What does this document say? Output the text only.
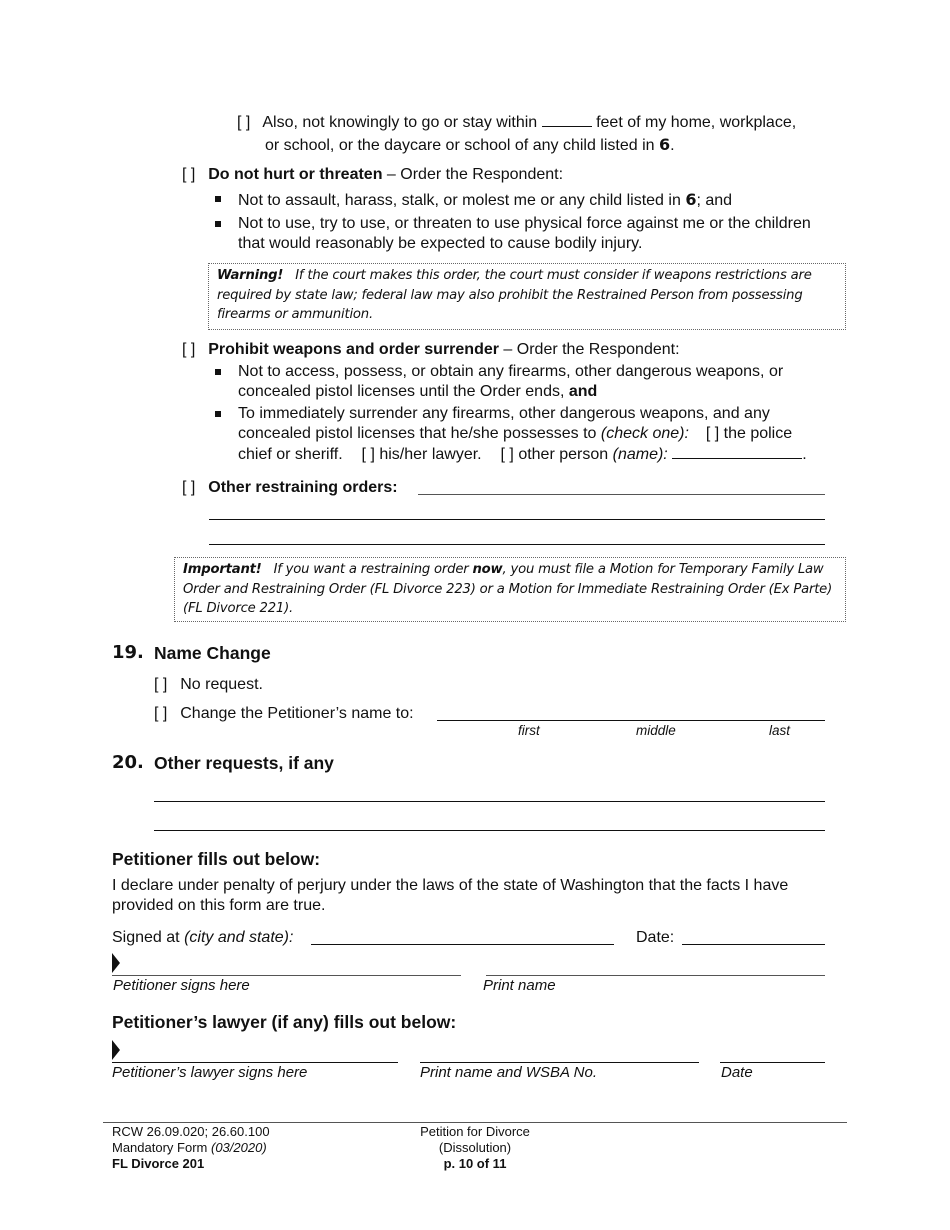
[ ] Also, not knowingly to go or stay within	feet of my home, workplace,
or school, or the daycare or school of any child listed in 6.
[ ] Do not hurt or threaten – Order the Respondent:
Not to assault, harass, stalk, or molest me or any child listed in 6; and
Not to use, try to use, or threaten to use physical force against me or the children
that would reasonably be expected to cause bodily injury.
Warning! If the court makes this order, the court must consider if weapons restrictions are required by state law; federal law may also prohibit the Restrained Person from possessing firearms or ammunition.
[ ] Prohibit weapons and order surrender – Order the Respondent:
Not to access, possess, or obtain any firearms, other dangerous weapons, or
concealed pistol licenses until the Order ends, and
To immediately surrender any firearms, other dangerous weapons, and any
concealed pistol licenses that he/she possesses to (check one): [ ] the police
chief or sheriff. [ ] his/her lawyer. [ ] other person (name):	.
[ ] Other restraining orders:
Important! If you want a restraining order now, you must file a Motion for Temporary Family Law Order and Restraining Order (FL Divorce 223) or a Motion for Immediate Restraining Order (Ex Parte) (FL Divorce 221).
19. Name Change
[ ] No request.
[ ] Change the Petitioner’s name to:
first	middle	last
20. Other requests, if any
Petitioner fills out below:
I declare under penalty of perjury under the laws of the state of Washington that the facts I have provided on this form are true.
Signed at (city and state):	Date:
Petitioner signs here	Print name
Petitioner’s lawyer (if any) fills out below:
Petitioner’s lawyer signs here	Print name and WSBA No.	Date
RCW 26.09.020; 26.60.100
Mandatory Form (03/2020)
FL Divorce 201
Petition for Divorce
(Dissolution)
p. 10 of 11
